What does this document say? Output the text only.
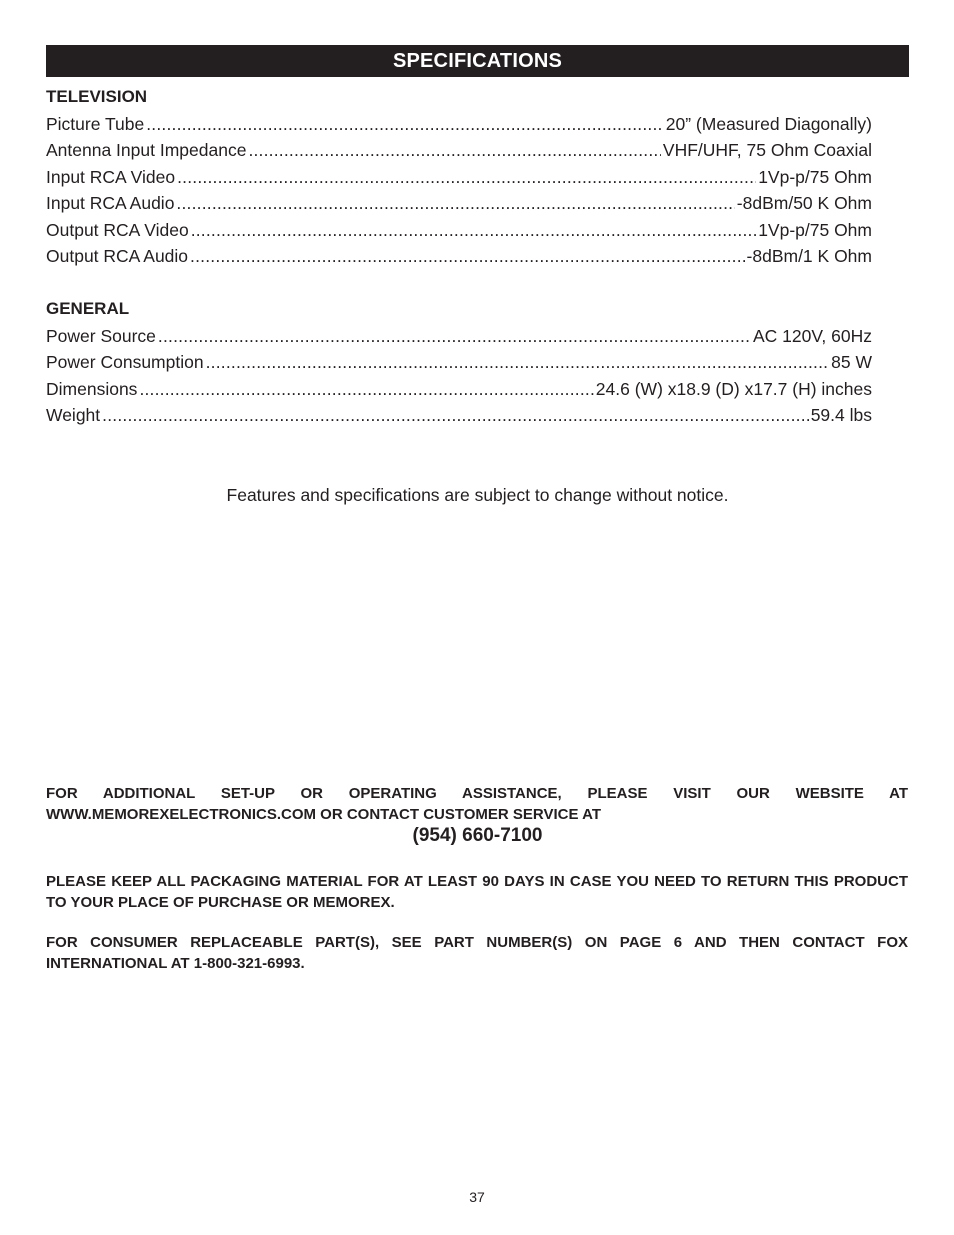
SPECIFICATIONS
TELEVISION
Picture Tube .....	20” (Measured Diagonally)
Antenna Input Impedance .....	VHF/UHF, 75 Ohm Coaxial
Input RCA Video .....	1Vp-p/75 Ohm
Input RCA Audio .....	-8dBm/50 K Ohm
Output RCA Video .....	1Vp-p/75 Ohm
Output RCA Audio .....	-8dBm/1 K Ohm
GENERAL
Power Source .....	AC 120V, 60Hz
Power Consumption .....	85 W
Dimensions .....	24.6 (W) x18.9 (D) x17.7 (H) inches
Weight .....	59.4 lbs
Features and specifications are subject to change without notice.
FOR ADDITIONAL SET-UP OR OPERATING ASSISTANCE, PLEASE VISIT OUR WEBSITE AT WWW.MEMOREXELECTRONICS.COM OR CONTACT CUSTOMER SERVICE AT
(954) 660-7100
PLEASE KEEP ALL PACKAGING MATERIAL FOR AT LEAST 90 DAYS IN CASE YOU NEED TO RETURN THIS PRODUCT TO YOUR PLACE OF PURCHASE OR MEMOREX.
FOR CONSUMER REPLACEABLE PART(S), SEE PART NUMBER(S) ON PAGE 6 AND THEN CONTACT FOX INTERNATIONAL AT 1-800-321-6993.
37
